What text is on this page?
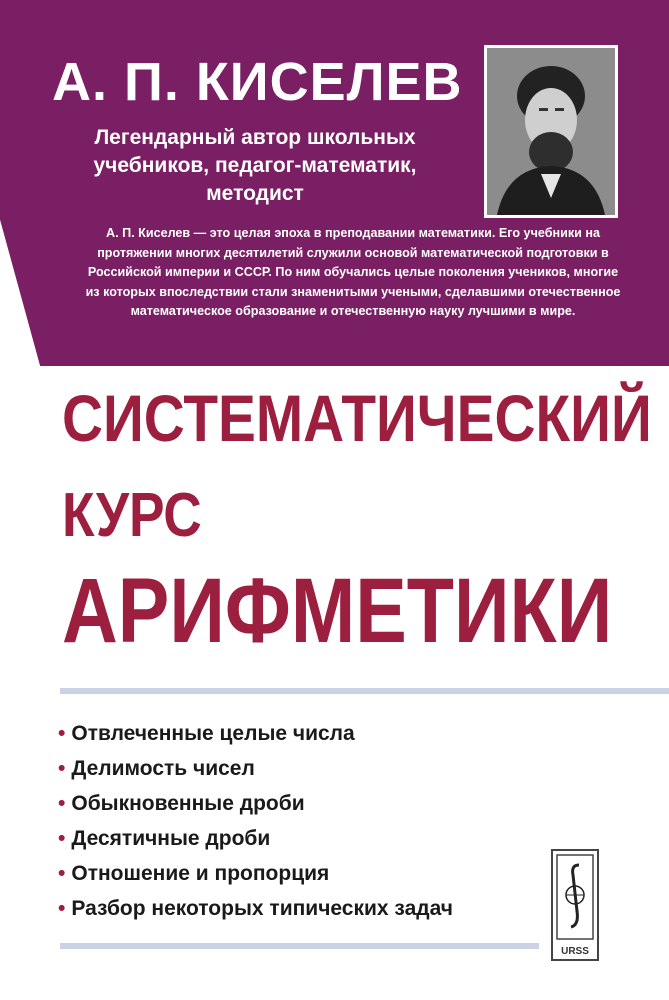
А. П. КИСЕЛЕВ
Легендарный автор школьных учебников, педагог-математик, методист
А. П. Киселев — это целая эпоха в преподавании математики. Его учебники на протяжении многих десятилетий служили основой математической подготовки в Российской империи и СССР. По ним обучались целые поколения учеников, многие из которых впоследствии стали знаменитыми учеными, сделавшими отечественное математическое образование и отечественную науку лучшими в мире.
СИСТЕМАТИЧЕСКИЙ
КУРС
АРИФМЕТИКИ
• Отвлеченные целые числа
• Делимость чисел
• Обыкновенные дроби
• Десятичные дроби
• Отношение и пропорция
• Разбор некоторых типических задач
URSS
